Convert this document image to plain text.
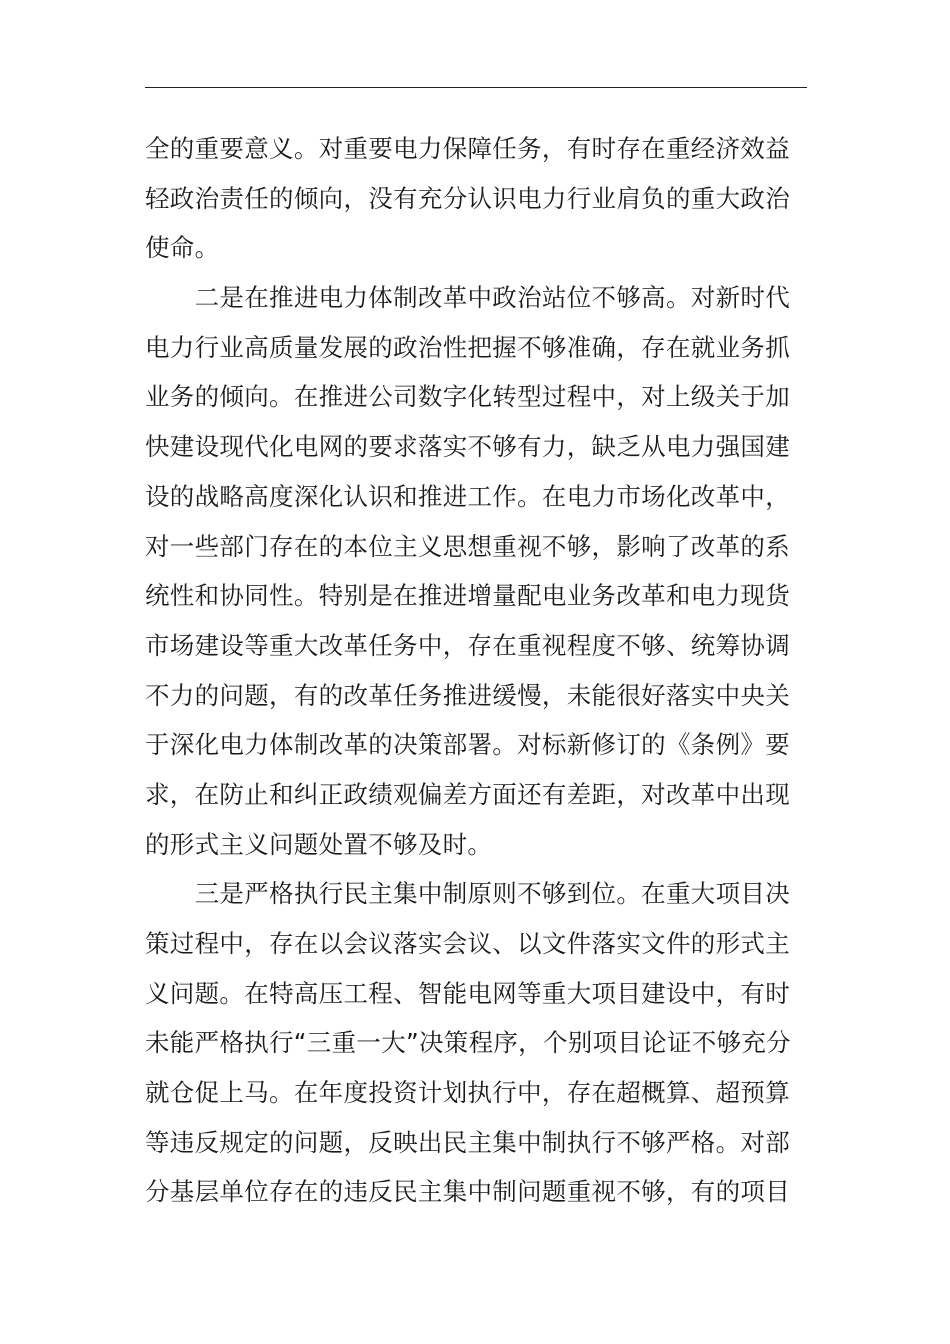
全的重要意义。对重要电力保障任务，有时存在重经济效益
轻政治责任的倾向，没有充分认识电力行业肩负的重大政治
使命。
　　二是在推进电力体制改革中政治站位不够高。对新时代
电力行业高质量发展的政治性把握不够准确，存在就业务抓
业务的倾向。在推进公司数字化转型过程中，对上级关于加
快建设现代化电网的要求落实不够有力，缺乏从电力强国建
设的战略高度深化认识和推进工作。在电力市场化改革中，
对一些部门存在的本位主义思想重视不够，影响了改革的系
统性和协同性。特别是在推进增量配电业务改革和电力现货
市场建设等重大改革任务中，存在重视程度不够、统筹协调
不力的问题，有的改革任务推进缓慢，未能很好落实中央关
于深化电力体制改革的决策部署。对标新修订的《条例》要
求，在防止和纠正政绩观偏差方面还有差距，对改革中出现
的形式主义问题处置不够及时。
　　三是严格执行民主集中制原则不够到位。在重大项目决
策过程中，存在以会议落实会议、以文件落实文件的形式主
义问题。在特高压工程、智能电网等重大项目建设中，有时
未能严格执行“三重一大”决策程序，个别项目论证不够充分
就仓促上马。在年度投资计划执行中，存在超概算、超预算
等违反规定的问题，反映出民主集中制执行不够严格。对部
分基层单位存在的违反民主集中制问题重视不够，有的项目
